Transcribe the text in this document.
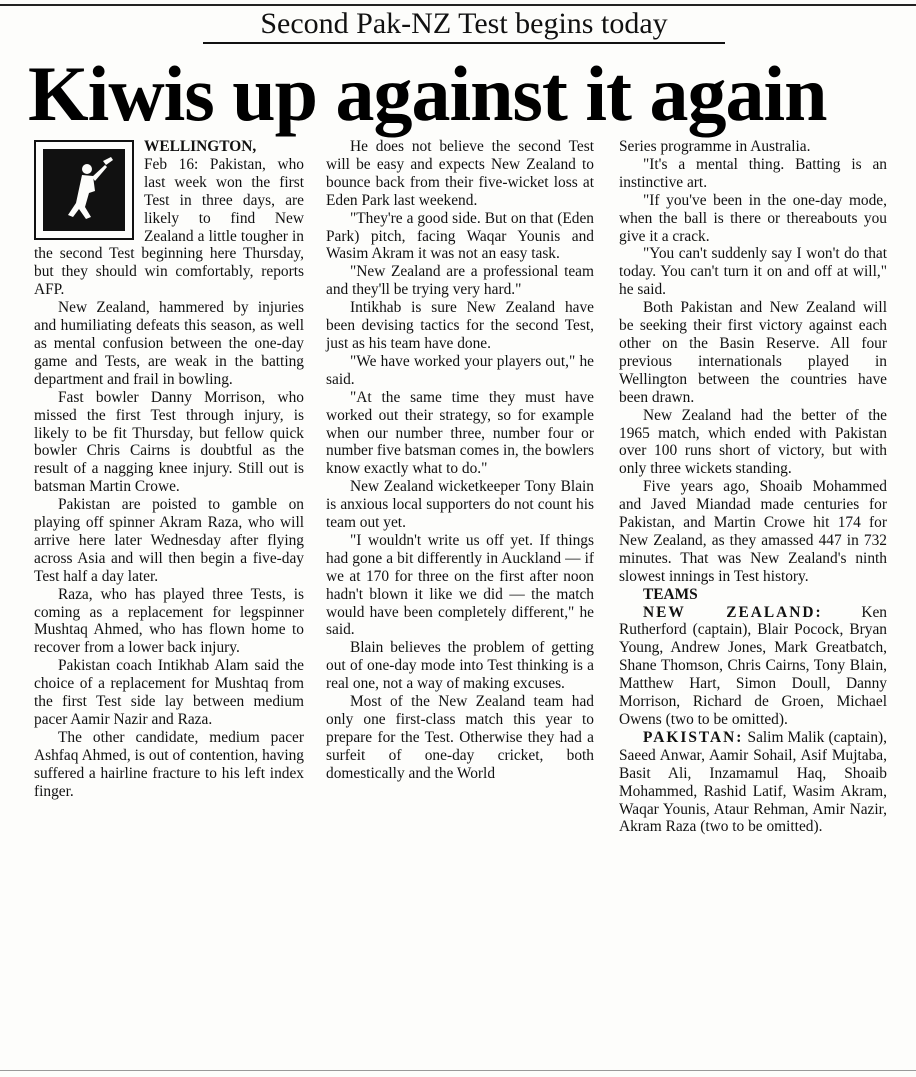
Second Pak-NZ Test begins today
Kiwis up against it again

WELLINGTON,

Feb 16: Pakistan, who last week won the first Test in three days, are likely to find New Zealand a little tougher in the second Test beginning here Thursday, but they should win comfortably, reports AFP.

New Zealand, hammered by injuries and humiliating defeats this season, as well as mental confusion between the one-day game and Tests, are weak in the batting department and frail in bowling.

Fast bowler Danny Morrison, who missed the first Test through injury, is likely to be fit Thursday, but fellow quick bowler Chris Cairns is doubtful as the result of a nagging knee injury. Still out is batsman Martin Crowe.

Pakistan are poisted to gamble on playing off spinner Akram Raza, who will arrive here later Wednesday after flying across Asia and will then begin a five-day Test half a day later.

Raza, who has played three Tests, is coming as a replacement for legspinner Mushtaq Ahmed, who has flown home to recover from a lower back injury.

Pakistan coach Intikhab Alam said the choice of a replacement for Mushtaq from the first Test side lay between medium pacer Aamir Nazir and Raza.

The other candidate, medium pacer Ashfaq Ahmed, is out of contention, having suffered a hairline fracture to his left index finger.

He does not believe the second Test will be easy and expects New Zealand to bounce back from their five-wicket loss at Eden Park last weekend.

"They're a good side. But on that (Eden Park) pitch, facing Waqar Younis and Wasim Akram it was not an easy task.

"New Zealand are a professional team and they'll be trying very hard."

Intikhab is sure New Zealand have been devising tactics for the second Test, just as his team have done.

"We have worked your players out," he said.

"At the same time they must have worked out their strategy, so for example when our number three, number four or number five batsman comes in, the bowlers know exactly what to do."

New Zealand wicketkeeper Tony Blain is anxious local supporters do not count his team out yet.

"I wouldn't write us off yet. If things had gone a bit differently in Auckland — if we at 170 for three on the first after noon hadn't blown it like we did — the match would have been completely different," he said.

Blain believes the problem of getting out of one-day mode into Test thinking is a real one, not a way of making excuses.

Most of the New Zealand team had only one first-class match this year to prepare for the Test. Otherwise they had a surfeit of one-day cricket, both domestically and the World

Series programme in Australia.

"It's a mental thing. Batting is an instinctive art.

"If you've been in the one-day mode, when the ball is there or thereabouts you give it a crack.

"You can't suddenly say I won't do that today. You can't turn it on and off at will," he said.

Both Pakistan and New Zealand will be seeking their first victory against each other on the Basin Reserve. All four previous internationals played in Wellington between the countries have been drawn.

New Zealand had the better of the 1965 match, which ended with Pakistan over 100 runs short of victory, but with only three wickets standing.

Five years ago, Shoaib Mohammed and Javed Miandad made centuries for Pakistan, and Martin Crowe hit 174 for New Zealand, as they amassed 447 in 732 minutes. That was New Zealand's ninth slowest innings in Test history.

TEAMS

NEW ZEALAND:	Ken Rutherford (captain), Blair Pocock, Bryan Young, Andrew Jones, Mark Greatbatch, Shane Thomson, Chris Cairns, Tony Blain, Matthew Hart, Simon Doull, Danny Morrison, Richard de Groen, Michael Owens (two to be omitted).

PAKISTAN: Salim Malik (captain), Saeed Anwar, Aamir Sohail, Asif Mujtaba, Basit Ali, Inzamamul Haq, Shoaib Mohammed, Rashid Latif, Wasim Akram, Waqar Younis, Ataur Rehman, Amir Nazir, Akram Raza (two to be omitted).
